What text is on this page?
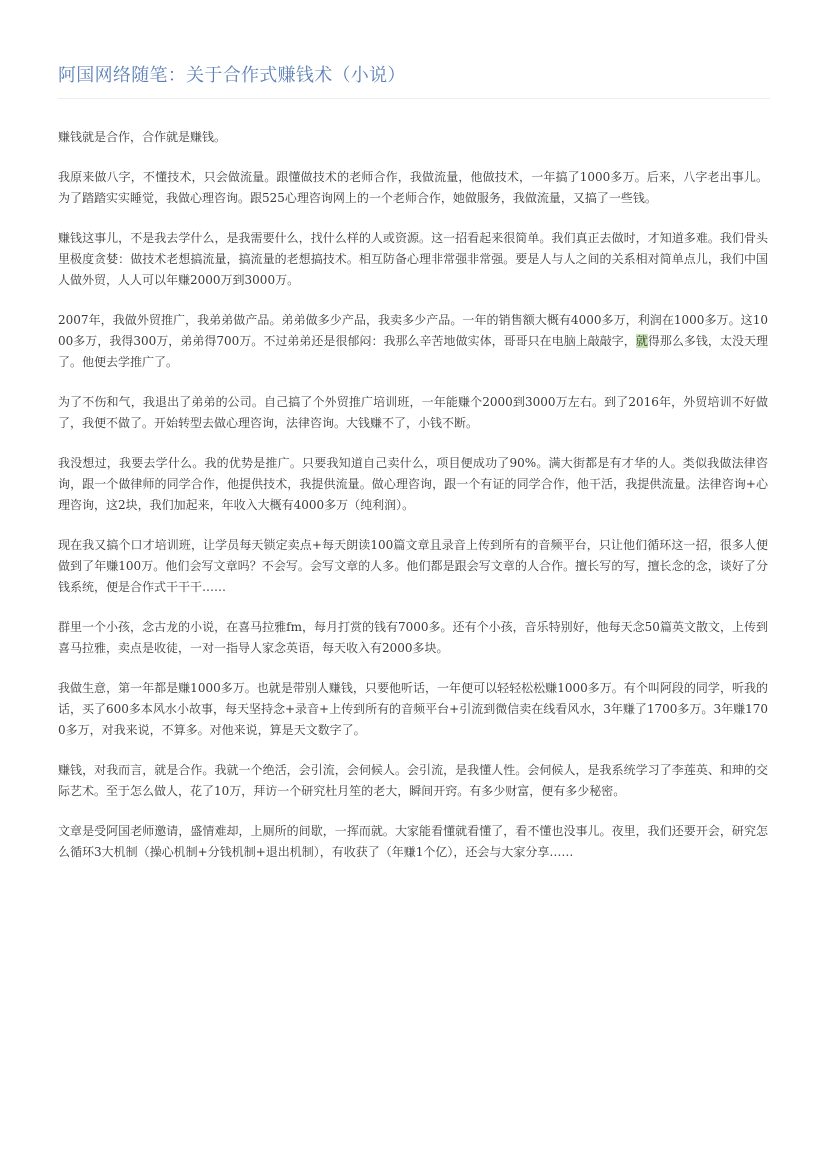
阿国网络随笔：关于合作式赚钱术（小说）

赚钱就是合作，合作就是赚钱。

我原来做八字，不懂技术，只会做流量。跟懂做技术的老师合作，我做流量，他做技术，一年搞了1000多万。后来，八字老出事儿。为了踏踏实实睡觉，我做心理咨询。跟525心理咨询网上的一个老师合作，她做服务，我做流量，又搞了一些钱。

赚钱这事儿，不是我去学什么，是我需要什么，找什么样的人或资源。这一招看起来很简单。我们真正去做时，才知道多难。我们骨头里极度贪婪：做技术老想搞流量，搞流量的老想搞技术。相互防备心理非常强非常强。要是人与人之间的关系相对简单点儿，我们中国人做外贸，人人可以年赚2000万到3000万。

2007年，我做外贸推广，我弟弟做产品。弟弟做多少产品，我卖多少产品。一年的销售额大概有4000多万，利润在1000多万。这1000多万，我得300万，弟弟得700万。不过弟弟还是很郁闷：我那么辛苦地做实体，哥哥只在电脑上敲敲字，就得那么多钱，太没天理了。他便去学推广了。

为了不伤和气，我退出了弟弟的公司。自己搞了个外贸推广培训班，一年能赚个2000到3000万左右。到了2016年，外贸培训不好做了，我便不做了。开始转型去做心理咨询，法律咨询。大钱赚不了，小钱不断。

我没想过，我要去学什么。我的优势是推广。只要我知道自己卖什么，项目便成功了90%。满大街都是有才华的人。类似我做法律咨询，跟一个做律师的同学合作，他提供技术，我提供流量。做心理咨询，跟一个有证的同学合作，他干活，我提供流量。法律咨询+心理咨询，这2块，我们加起来，年收入大概有4000多万（纯利润）。

现在我又搞个口才培训班，让学员每天锁定卖点+每天朗读100篇文章且录音上传到所有的音频平台，只让他们循环这一招，很多人便做到了年赚100万。他们会写文章吗？不会写。会写文章的人多。他们都是跟会写文章的人合作。擅长写的写，擅长念的念，谈好了分钱系统，便是合作式干干干……

群里一个小孩，念古龙的小说，在喜马拉雅fm，每月打赏的钱有7000多。还有个小孩，音乐特别好，他每天念50篇英文散文，上传到喜马拉雅，卖点是收徒，一对一指导人家念英语，每天收入有2000多块。

我做生意，第一年都是赚1000多万。也就是带别人赚钱，只要他听话，一年便可以轻轻松松赚1000多万。有个叫阿段的同学，听我的话，买了600多本风水小故事，每天坚持念+录音+上传到所有的音频平台+引流到微信卖在线看风水，3年赚了1700多万。3年赚1700多万，对我来说，不算多。对他来说，算是天文数字了。

赚钱，对我而言，就是合作。我就一个绝活，会引流，会伺候人。会引流，是我懂人性。会伺候人，是我系统学习了李莲英、和珅的交际艺术。至于怎么做人，花了10万，拜访一个研究杜月笙的老大，瞬间开窍。有多少财富，便有多少秘密。

文章是受阿国老师邀请，盛情难却，上厕所的间歇，一挥而就。大家能看懂就看懂了，看不懂也没事儿。夜里，我们还要开会，研究怎么循环3大机制（操心机制+分钱机制+退出机制），有收获了（年赚1个亿），还会与大家分享……
